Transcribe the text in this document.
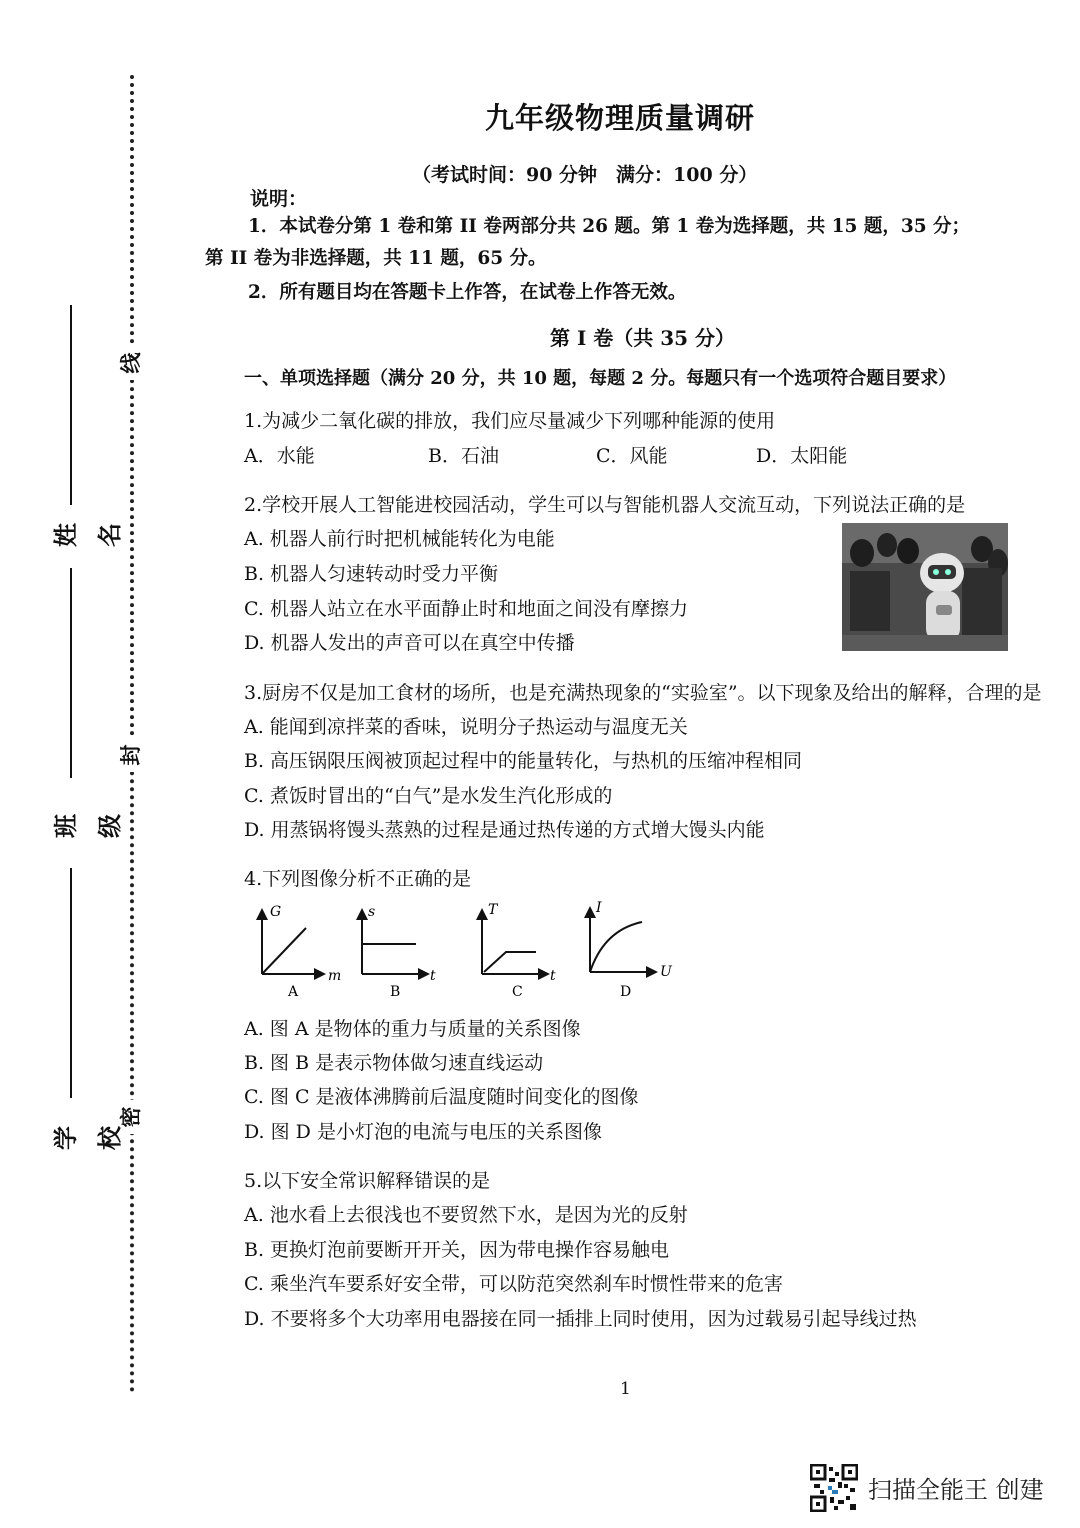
线
封
密
姓名
班级
学校
九年级物理质量调研
（考试时间：90 分钟　满分：100 分）
说明：
1．本试卷分第 1 卷和第 II 卷两部分共 26 题。第 1 卷为选择题，共 15 题，35 分；
第 II 卷为非选择题，共 11 题，65 分。
2．所有题目均在答题卡上作答，在试卷上作答无效。
第 I 卷（共 35 分）
一、单项选择题（满分 20 分，共 10 题，每题 2 分。每题只有一个选项符合题目要求）
1.为减少二氧化碳的排放，我们应尽量减少下列哪种能源的使用
A．水能	B．石油	C．风能	D．太阳能
2.学校开展人工智能进校园活动，学生可以与智能机器人交流互动，下列说法正确的是
A. 机器人前行时把机械能转化为电能
B. 机器人匀速转动时受力平衡
C. 机器人站立在水平面静止时和地面之间没有摩擦力
D. 机器人发出的声音可以在真空中传播
3.厨房不仅是加工食材的场所，也是充满热现象的“实验室”。以下现象及给出的解释，合理的是
A. 能闻到凉拌菜的香味，说明分子热运动与温度无关
B. 高压锅限压阀被顶起过程中的能量转化，与热机的压缩冲程相同
C. 煮饭时冒出的“白气”是水发生汽化形成的
D. 用蒸锅将馒头蒸熟的过程是通过热传递的方式增大馒头内能
4.下列图像分析不正确的是
G
m
A
s
t
B
T
t
C
I
U
D
A. 图 A 是物体的重力与质量的关系图像
B. 图 B 是表示物体做匀速直线运动
C. 图 C 是液体沸腾前后温度随时间变化的图像
D. 图 D 是小灯泡的电流与电压的关系图像
5.以下安全常识解释错误的是
A. 池水看上去很浅也不要贸然下水，是因为光的反射
B. 更换灯泡前要断开开关，因为带电操作容易触电
C. 乘坐汽车要系好安全带，可以防范突然刹车时惯性带来的危害
D. 不要将多个大功率用电器接在同一插排上同时使用，因为过载易引起导线过热
1
扫描全能王 创建
